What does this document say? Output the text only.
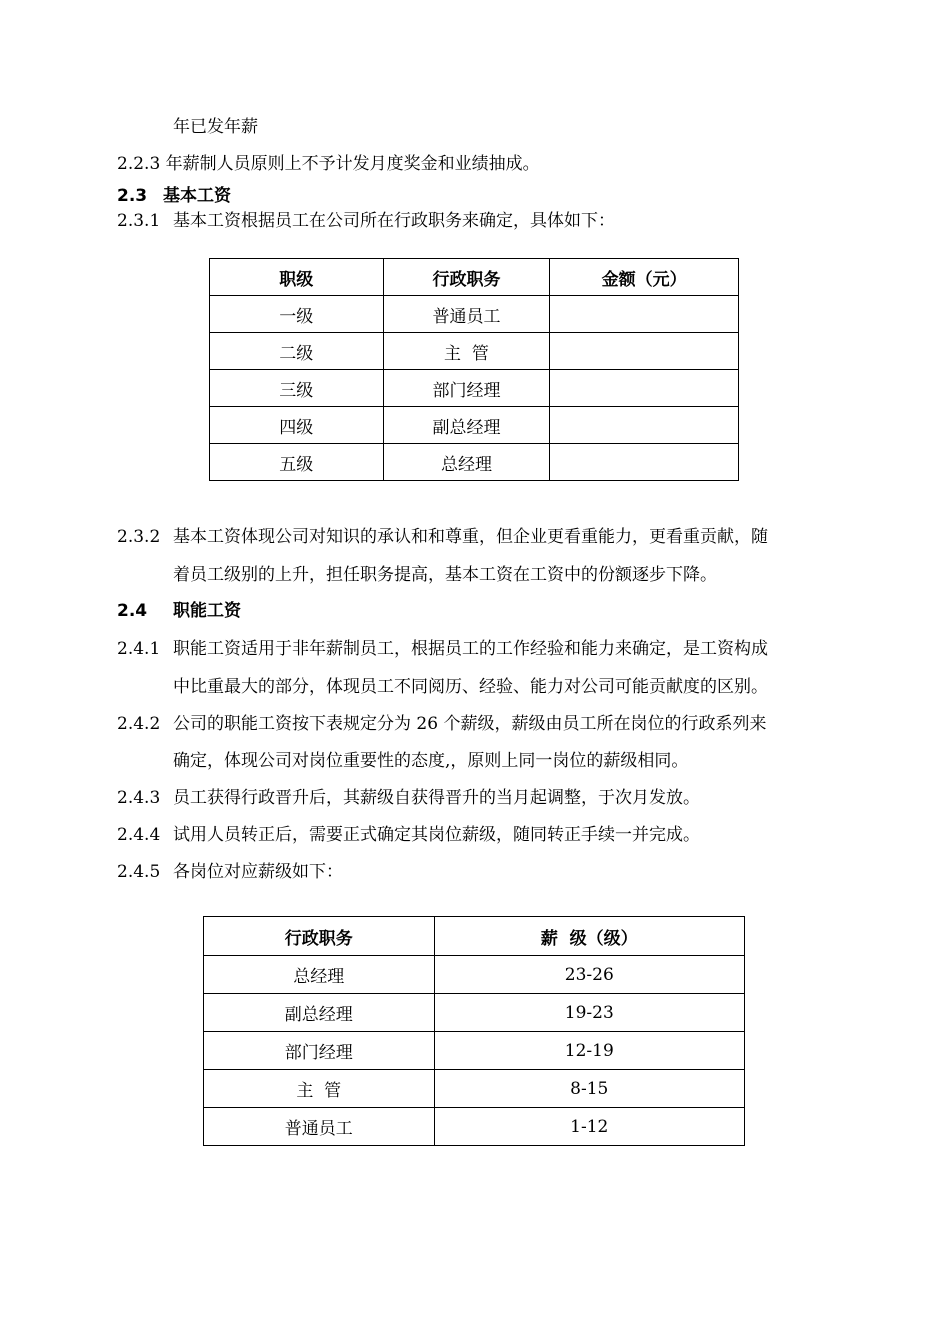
年已发年薪
2.2.3 年薪制人员原则上不予计发月度奖金和业绩抽成。
2.3 基本工资
2.3.1 基本工资根据员工在公司所在行政职务来确定，具体如下：
职级	行政职务	金额（元）
一级	普通员工	
二级	主  管	
三级	部门经理	
四级	副总经理	
五级	总经理	
2.3.2 基本工资体现公司对知识的承认和和尊重，但企业更看重能力，更看重贡献，随
着员工级别的上升，担任职务提高，基本工资在工资中的份额逐步下降。
2.4 职能工资
2.4.1 职能工资适用于非年薪制员工，根据员工的工作经验和能力来确定，是工资构成
中比重最大的部分，体现员工不同阅历、经验、能力对公司可能贡献度的区别。
2.4.2 公司的职能工资按下表规定分为 26 个薪级，薪级由员工所在岗位的行政系列来
确定，体现公司对岗位重要性的态度,，原则上同一岗位的薪级相同。
2.4.3 员工获得行政晋升后，其薪级自获得晋升的当月起调整，于次月发放。
2.4.4 试用人员转正后，需要正式确定其岗位薪级，随同转正手续一并完成。
2.4.5 各岗位对应薪级如下：
行政职务	薪  级（级）
总经理	23-26
副总经理	19-23
部门经理	12-19
主  管	8-15
普通员工	1-12
